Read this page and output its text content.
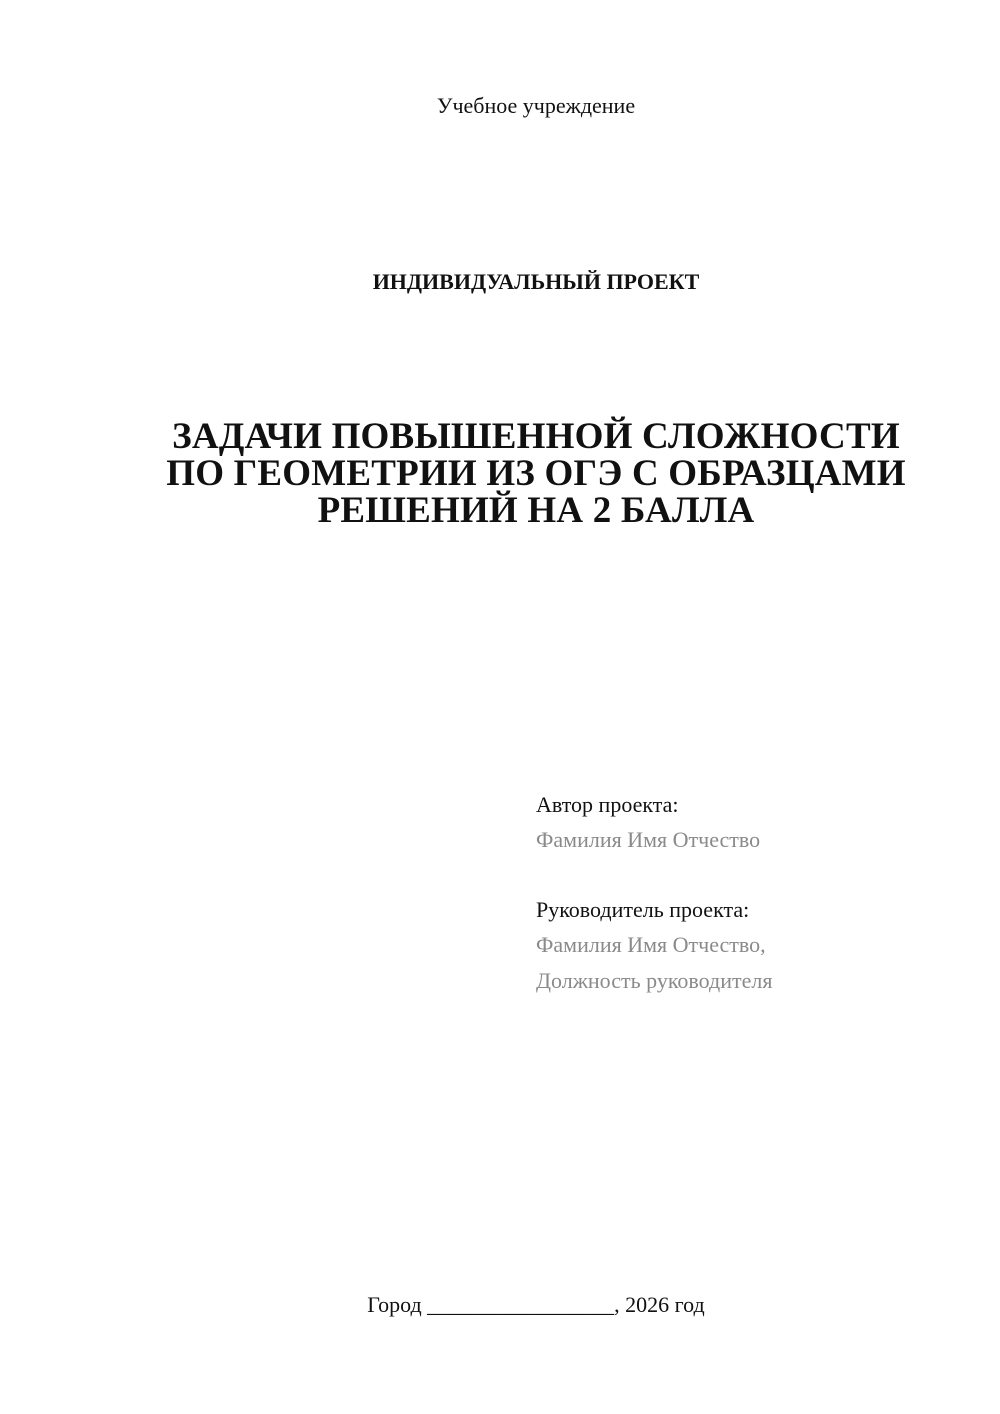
Учебное учреждение
ИНДИВИДУАЛЬНЫЙ ПРОЕКТ
ЗАДАЧИ ПОВЫШЕННОЙ СЛОЖНОСТИ
ПО ГЕОМЕТРИИ ИЗ ОГЭ С ОБРАЗЦАМИ
РЕШЕНИЙ НА 2 БАЛЛА
Автор проекта:
Фамилия Имя Отчество
Руководитель проекта:
Фамилия Имя Отчество,
Должность руководителя
Город _________________, 2026 год
